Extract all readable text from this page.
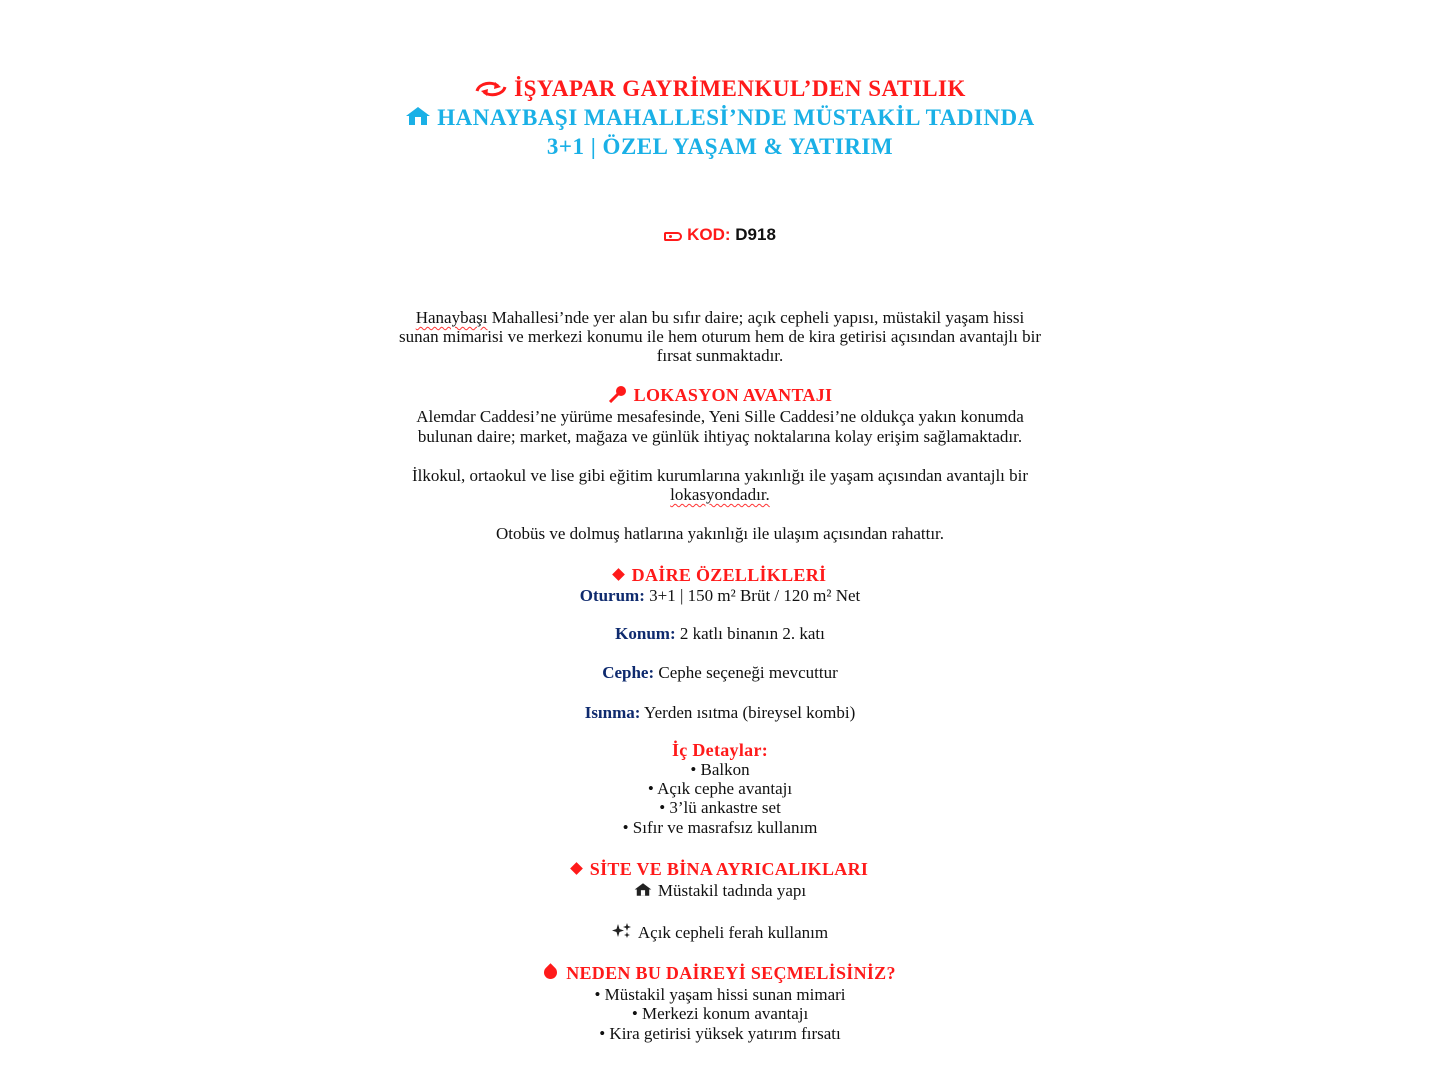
İŞYAPAR GAYRİMENKUL’DEN SATILIK
HANAYBAŞI MAHALLESİ’NDE MÜSTAKİL TADINDA
3+1 | ÖZEL YAŞAM & YATIRIM
KOD: D918
Hanaybaşı Mahallesi’nde yer alan bu sıfır daire; açık cepheli yapısı, müstakil yaşam hissi
sunan mimarisi ve merkezi konumu ile hem oturum hem de kira getirisi açısından avantajlı bir
fırsat sunmaktadır.
LOKASYON AVANTAJI
Alemdar Caddesi’ne yürüme mesafesinde, Yeni Sille Caddesi’ne oldukça yakın konumda
bulunan daire; market, mağaza ve günlük ihtiyaç noktalarına kolay erişim sağlamaktadır.
İlkokul, ortaokul ve lise gibi eğitim kurumlarına yakınlığı ile yaşam açısından avantajlı bir
lokasyondadır.
Otobüs ve dolmuş hatlarına yakınlığı ile ulaşım açısından rahattır.
DAİRE ÖZELLİKLERİ
Oturum: 3+1 | 150 m² Brüt / 120 m² Net
Konum: 2 katlı binanın 2. katı
Cephe: Cephe seçeneği mevcuttur
Isınma: Yerden ısıtma (bireysel kombi)
İç Detaylar:
• Balkon
• Açık cephe avantajı
• 3’lü ankastre set
• Sıfır ve masrafsız kullanım
SİTE VE BİNA AYRICALIKLARI
Müstakil tadında yapı
Açık cepheli ferah kullanım
NEDEN BU DAİREYİ SEÇMELİSİNİZ?
• Müstakil yaşam hissi sunan mimari
• Merkezi konum avantajı
• Kira getirisi yüksek yatırım fırsatı
